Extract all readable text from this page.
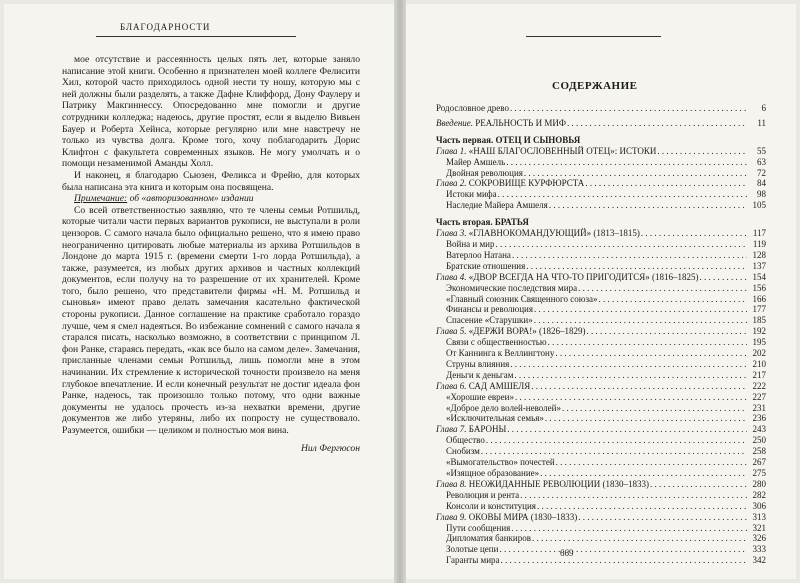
БЛАГОДАРНОСТИ

мое отсутствие и рассеянность целых пять лет, которые заняло написание этой книги. Особенно я признателен моей коллеге Фелисити Хил, которой часто приходилось одной нести ту ношу, которую мы с ней должны были разделять, а также Дафне Клиффорд, Дону Фаулеру и Патрику Макгиннессу. Опосредованно мне помогли и другие сотрудники колледжа; надеюсь, другие простят, если я выделю Вивьен Бауер и Роберта Хейнса, которые регулярно или мне навстречу не только из чувства долга. Кроме того, хочу поблагодарить Дорис Клифтон с факультета современных языков. Не могу умолчать и о помощи незаменимой Аманды Холл.

И наконец, я благодарю Сьюзен, Феликса и Фрейю, для которых была написана эта книга и которым она посвящена.

Примечание: об «авторизованном» издании

Со всей ответственностью заявляю, что те члены семьи Ротшильд, которые читали части первых вариантов рукописи, не выступали в роли цензоров. С самого начала было официально решено, что я имею право неограниченно цитировать любые материалы из архива Ротшильдов в Лондоне до марта 1915 г. (времени смерти 1-го лорда Ротшильда), а также, разумеется, из любых других архивов и частных коллекций документов, если получу на то разрешение от их хранителей. Кроме того, было решено, что представители фирмы «Н. М. Ротшильд и сыновья» имеют право делать замечания касательно фактической стороны рукописи. Данное соглашение на практике сработало гораздо лучше, чем я смел надеяться. Во избежание сомнений с самого начала я старался писать, насколько возможно, в соответствии с принципом Л. фон Ранке, стараясь передать, «как все было на самом деле». Замечания, присланные членами семьи Ротшильд, лишь помогли мне в этом начинании. Их стремление к исторической точности произвело на меня глубокое впечатление. И если конечный результат не достиг идеала фон Ранке, надеюсь, так произошло только потому, что одни важные документы не удалось прочесть из-за нехватки времени, другие документов же либо утеряны, либо их попросту не существовало. Разумеется, ошибки — целиком и полностью моя вина.

Нил Фергюсон
СОДЕРЖАНИЕ
Родословное древо . . .	6
Введение. РЕАЛЬНОСТЬ И МИФ . . .	11
Часть первая. ОТЕЦ И СЫНОВЬЯ
Глава 1. «НАШ БЛАГОСЛОВЕННЫЙ ОТЕЦ»: ИСТОКИ . . .	55
Майер Амшель . . .	63
Двойная революция . . .	72
Глава 2. СОКРОВИЩЕ КУРФЮРСТА . . .	84
Истоки мифа . . .	98
Наследие Майера Амшеля . . .	105
Часть вторая. БРАТЬЯ
Глава 3. «ГЛАВНОКОМАНДУЮЩИЙ» (1813–1815) . . .	117
Война и мир . . .	119
Ватерлоо Натана . . .	128
Братские отношения . . .	137
Глава 4. «ДВОР ВСЕГДА НА ЧТО-ТО ПРИГОДИТСЯ» (1816–1825) . . .	154
Экономические последствия мира . . .	156
«Главный союзник Священного союза» . . .	166
Финансы и революция . . .	177
Спасение «Старушки» . . .	185
Глава 5. «ДЕРЖИ ВОРА!» (1826–1829) . . .	192
Связи с общественностью . . .	195
От Каннинга к Веллингтону . . .	202
Струны влияния . . .	210
Деньги к деньгам . . .	217
Глава 6. САД АМШЕЛЯ . . .	222
«Хорошие евреи» . . .	227
«Доброе дело волей-неволей» . . .	231
«Исключительная семья» . . .	236
Глава 7. БАРОНЫ . . .	243
Общество . . .	250
Снобизм . . .	258
«Вымогательство» почестей . . .	267
«Изящное образование» . . .	275
Глава 8. НЕОЖИДАННЫЕ РЕВОЛЮЦИИ (1830–1833) . . .	280
Революция и рента . . .	282
Консоли и конституция . . .	306
Глава 9. ОКОВЫ МИРА (1830–1833) . . .	313
Пути сообщения . . .	321
Дипломатия банкиров . . .	326
Золотые цепи . . .	333
Гаранты мира . . .	342
669
